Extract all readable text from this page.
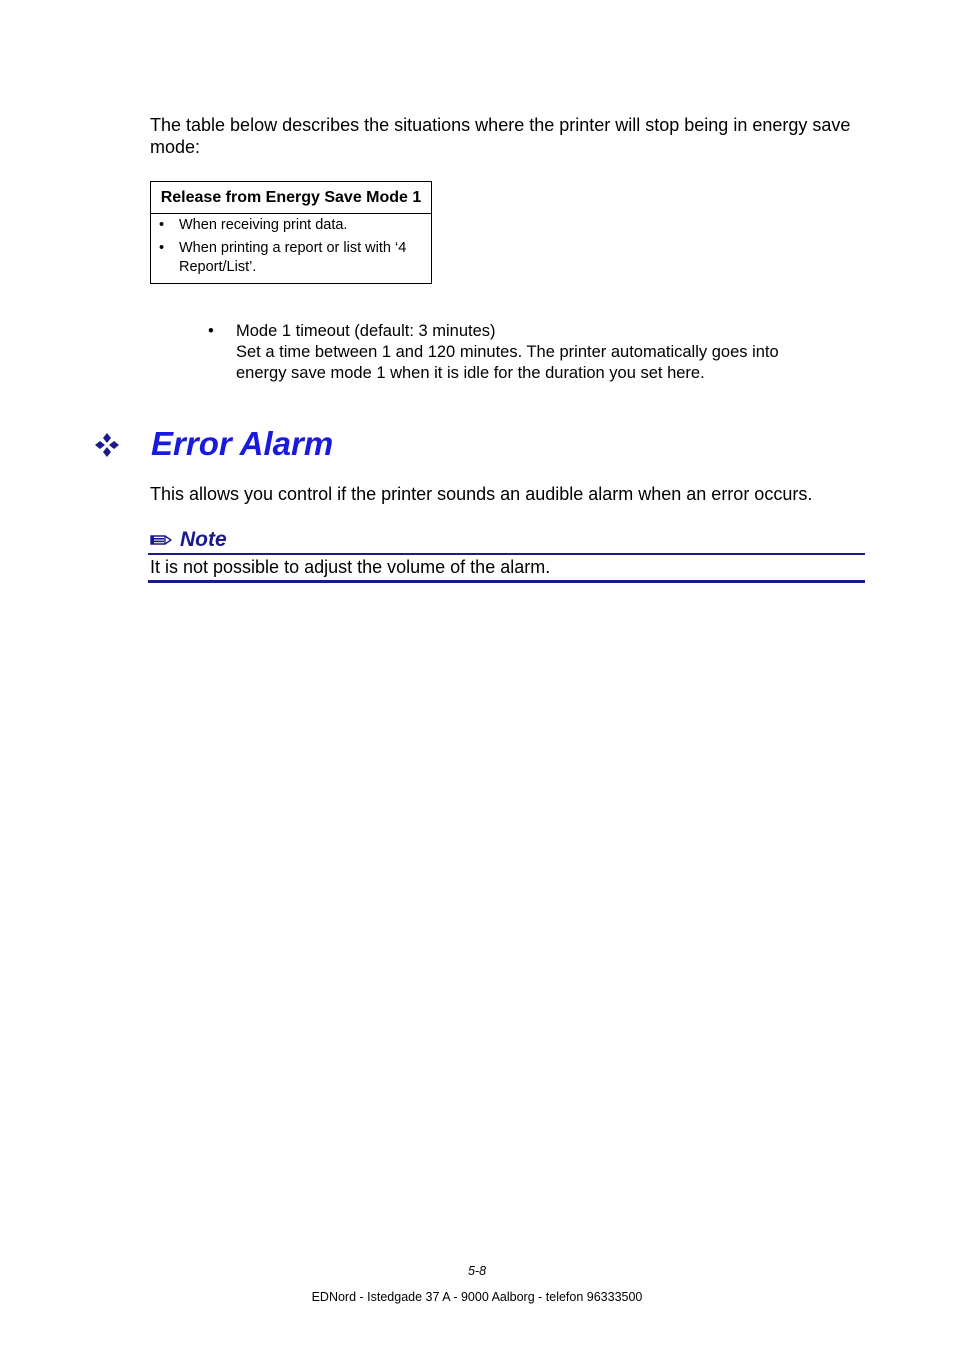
The table below describes the situations where the printer will stop being in energy save mode:

Release from Energy Save Mode 1

• When receiving print data.
• When printing a report or list with ‘4 Report/List’.
• Mode 1 timeout (default: 3 minutes)
Set a time between 1 and 120 minutes. The printer automatically goes into energy save mode 1 when it is idle for the duration you set here.
Error Alarm

This allows you control if the printer sounds an audible alarm when an error occurs.

Note
It is not possible to adjust the volume of the alarm.
5-8
EDNord - Istedgade 37 A - 9000 Aalborg - telefon 96333500
